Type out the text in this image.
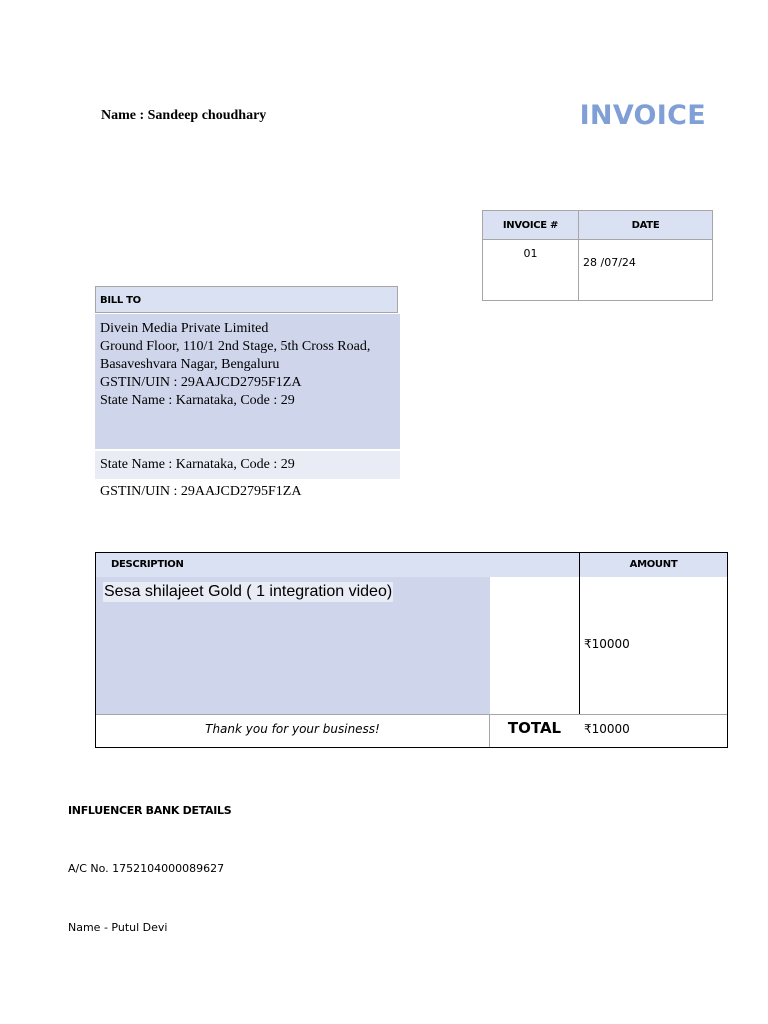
Name : Sandeep choudhary	INVOICE
INVOICE #	DATE
01	28 /07/24
BILL TO
Divein Media Private Limited
Ground Floor, 110/1 2nd Stage, 5th Cross Road,
Basaveshvara Nagar, Bengaluru
GSTIN/UIN : 29AAJCD2795F1ZA
State Name : Karnataka, Code : 29
State Name : Karnataka, Code : 29
GSTIN/UIN : 29AAJCD2795F1ZA
DESCRIPTION	AMOUNT
Sesa shilajeet Gold ( 1 integration video)
₹10000
Thank you for your business!	TOTAL	₹10000
INFLUENCER BANK DETAILS
A/C No. 1752104000089627
Name - Putul Devi
